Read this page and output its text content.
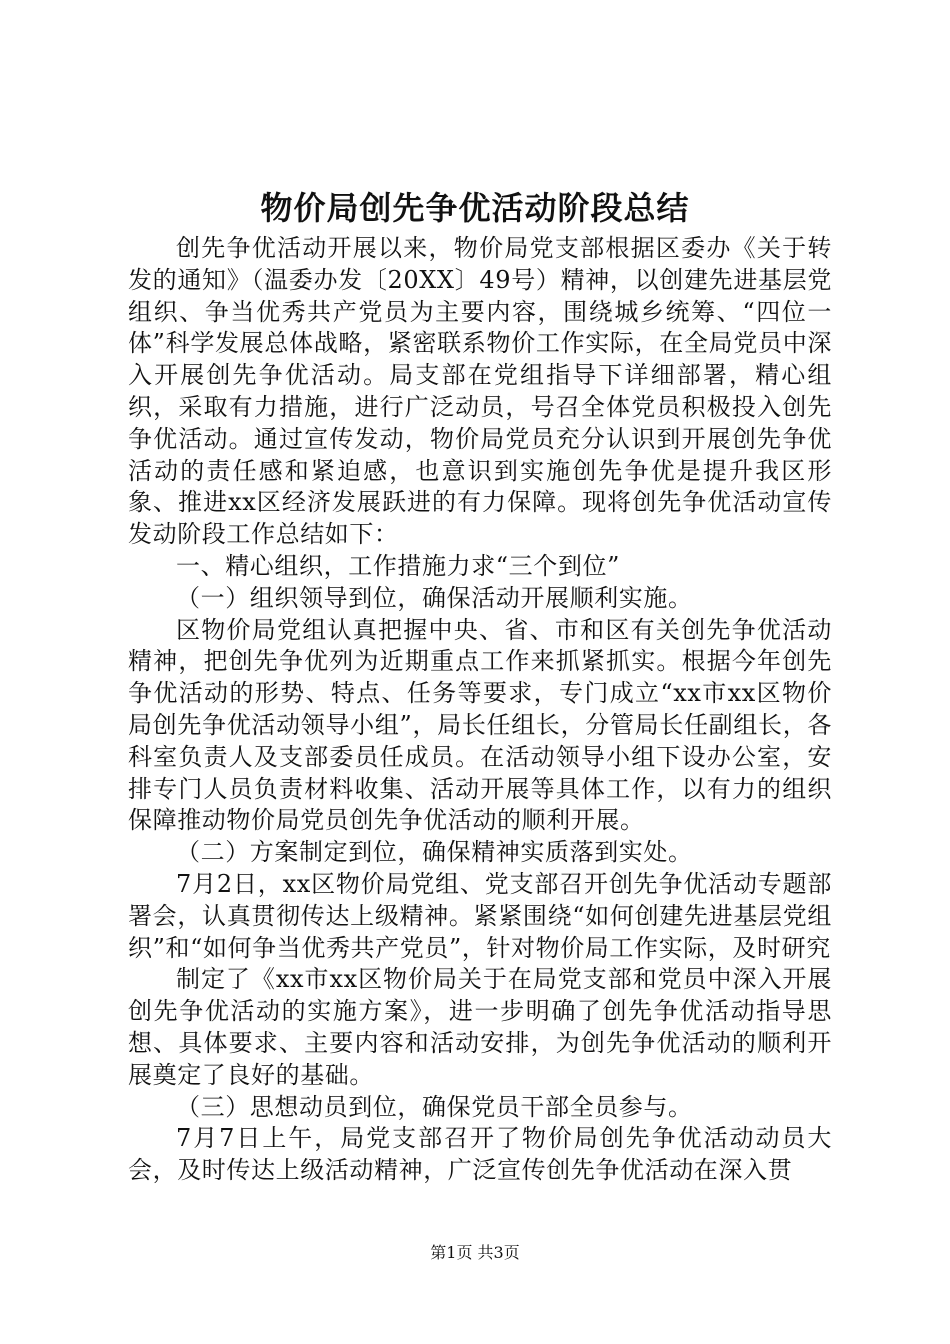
物价局创先争优活动阶段总结

创先争优活动开展以来，物价局党支部根据区委办《关于转发的通知》（温委办发〔20XX〕49号）精神，以创建先进基层党组织、争当优秀共产党员为主要内容，围绕城乡统筹、“四位一体”科学发展总体战略，紧密联系物价工作实际，在全局党员中深入开展创先争优活动。局支部在党组指导下详细部署，精心组织，采取有力措施，进行广泛动员，号召全体党员积极投入创先争优活动。通过宣传发动，物价局党员充分认识到开展创先争优活动的责任感和紧迫感，也意识到实施创先争优是提升我区形象、推进xx区经济发展跃进的有力保障。现将创先争优活动宣传发动阶段工作总结如下：

一、精心组织，工作措施力求“三个到位”

（一）组织领导到位，确保活动开展顺利实施。

区物价局党组认真把握中央、省、市和区有关创先争优活动精神，把创先争优列为近期重点工作来抓紧抓实。根据今年创先争优活动的形势、特点、任务等要求，专门成立“xx市xx区物价局创先争优活动领导小组”，局长任组长，分管局长任副组长，各科室负责人及支部委员任成员。在活动领导小组下设办公室，安排专门人员负责材料收集、活动开展等具体工作，以有力的组织保障推动物价局党员创先争优活动的顺利开展。

（二）方案制定到位，确保精神实质落到实处。

7月2日，xx区物价局党组、党支部召开创先争优活动专题部署会，认真贯彻传达上级精神。紧紧围绕“如何创建先进基层党组织”和“如何争当优秀共产党员”，针对物价局工作实际，及时研究

制定了《xx市xx区物价局关于在局党支部和党员中深入开展创先争优活动的实施方案》，进一步明确了创先争优活动指导思想、具体要求、主要内容和活动安排，为创先争优活动的顺利开展奠定了良好的基础。

（三）思想动员到位，确保党员干部全员参与。

7月7日上午，局党支部召开了物价局创先争优活动动员大会，及时传达上级活动精神，广泛宣传创先争优活动在深入贯

第1页 共3页
